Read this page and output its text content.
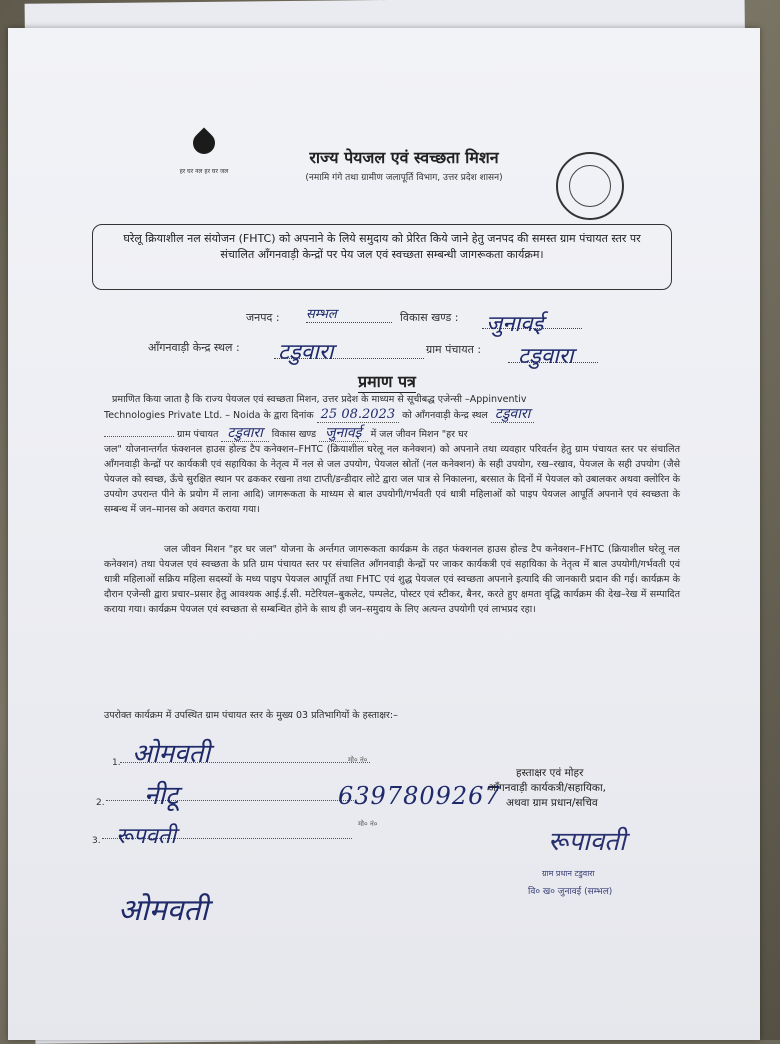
हर घर नल हर घर जल
राज्य पेयजल एवं स्वच्छता मिशन
(नमामि गंगे तथा ग्रामीण जलापूर्ति विभाग, उत्तर प्रदेश शासन)
घरेलू क्रियाशील नल संयोजन (FHTC) को अपनाने के लिये समुदाय को प्रेरित किये जाने हेतु जनपद की समस्त ग्राम पंचायत स्तर पर संचालित आँगनवाड़ी केन्द्रों पर पेय जल एवं स्वच्छता सम्बन्धी जागरूकता कार्यक्रम।
जनपद : सम्भल	विकास खण्ड : जुनावई
आँगनवाड़ी केन्द्र स्थल : टडुवारा	ग्राम पंचायत : टडुवारा
प्रमाण पत्र
प्रमाणित किया जाता है कि राज्य पेयजल एवं स्वच्छता मिशन, उत्तर प्रदेश के माध्यम से सूचीबद्ध एजेन्सी –Appinventiv
Technologies Private Ltd. – Noida के द्वारा दिनांक 25 08.2023 को आँगनवाड़ी केन्द्र स्थल टडुवारा
ग्राम पंचायत टडुवारा विकास खण्ड जुनावई में जल जीवन मिशन "हर घर
जल" योजनान्तर्गत फंक्शनल हाउस होल्ड टैप कनेक्शन–FHTC (क्रियाशील घरेलू नल कनेक्शन) को अपनाने तथा व्यवहार परिवर्तन हेतु ग्राम पंचायत स्तर पर संचालित आँगनवाड़ी केन्द्रों पर कार्यकत्री एवं सहायिका के नेतृत्व में नल से जल उपयोग, पेयजल स्रोतों (नल कनेक्शन) के सही उपयोग, रख–रखाव, पेयजल के सही उपयोग (जैसे पेयजल को स्वच्छ, ऊँचे सुरक्षित स्थान पर ढककर रखना तथा टाप्ती/डन्डीदार लोटे द्वारा जल पात्र से निकालना, बरसात के दिनों में पेयजल को उबालकर अथवा क्लोरिन के उपयोग उपरान्त पीने के प्रयोग में लाना आदि) जागरूकता के माध्यम से बाल उपयोगी/गर्भवती एवं धात्री महिलाओं को पाइप पेयजल आपूर्ति अपनाने एवं स्वच्छता के सम्बन्ध में जन–मानस को अवगत कराया गया।
जल जीवन मिशन "हर घर जल" योजना के अर्न्तगत जागरूकता कार्यक्रम के तहत फंक्शनल हाउस होल्ड टैप कनेक्शन–FHTC (क्रियाशील घरेलू नल कनेक्शन) तथा पेयजल एवं स्वच्छता के प्रति ग्राम पंचायत स्तर पर संचालित आँगनवाड़ी केन्द्रों पर जाकर कार्यकत्री एवं सहायिका के नेतृत्व में बाल उपयोगी/गर्भवती एवं धात्री महिलाओं सक्रिय महिला सदस्यों के मध्य पाइप पेयजल आपूर्ति तथा FHTC एवं शुद्ध पेयजल एवं स्वच्छता अपनाने इत्यादि की जानकारी प्रदान की गई। कार्यक्रम के दौरान एजेन्सी द्वारा प्रचार–प्रसार हेतु आवश्यक आई.ई.सी. मटेरियल–बुकलेट, पम्पलेट, पोस्टर एवं स्टीकर, बैनर, करते हुए क्षमता वृद्धि कार्यक्रम की देख–रेख में सम्पादित कराया गया। कार्यक्रम पेयजल एवं स्वच्छता से सम्बन्धित होने के साथ ही जन–समुदाय के लिए अत्यन्त उपयोगी एवं लाभप्रद रहा।
उपरोक्त कार्यक्रम में उपस्थित ग्राम पंचायत स्तर के मुख्य 03 प्रतिभागियों के हस्ताक्षर:–
1. ओमवती	मो० नं०
2. नीटू	6397809267
3. रूपवती	मो० नं०
ओमवती
हस्ताक्षर एवं मोहर
आँगनवाड़ी कार्यकत्री/सहायिका,
अथवा ग्राम प्रधान/सचिव
रूपावती
ग्राम प्रधान टडुवारा
वि० ख० जुनावई (सम्भल)
